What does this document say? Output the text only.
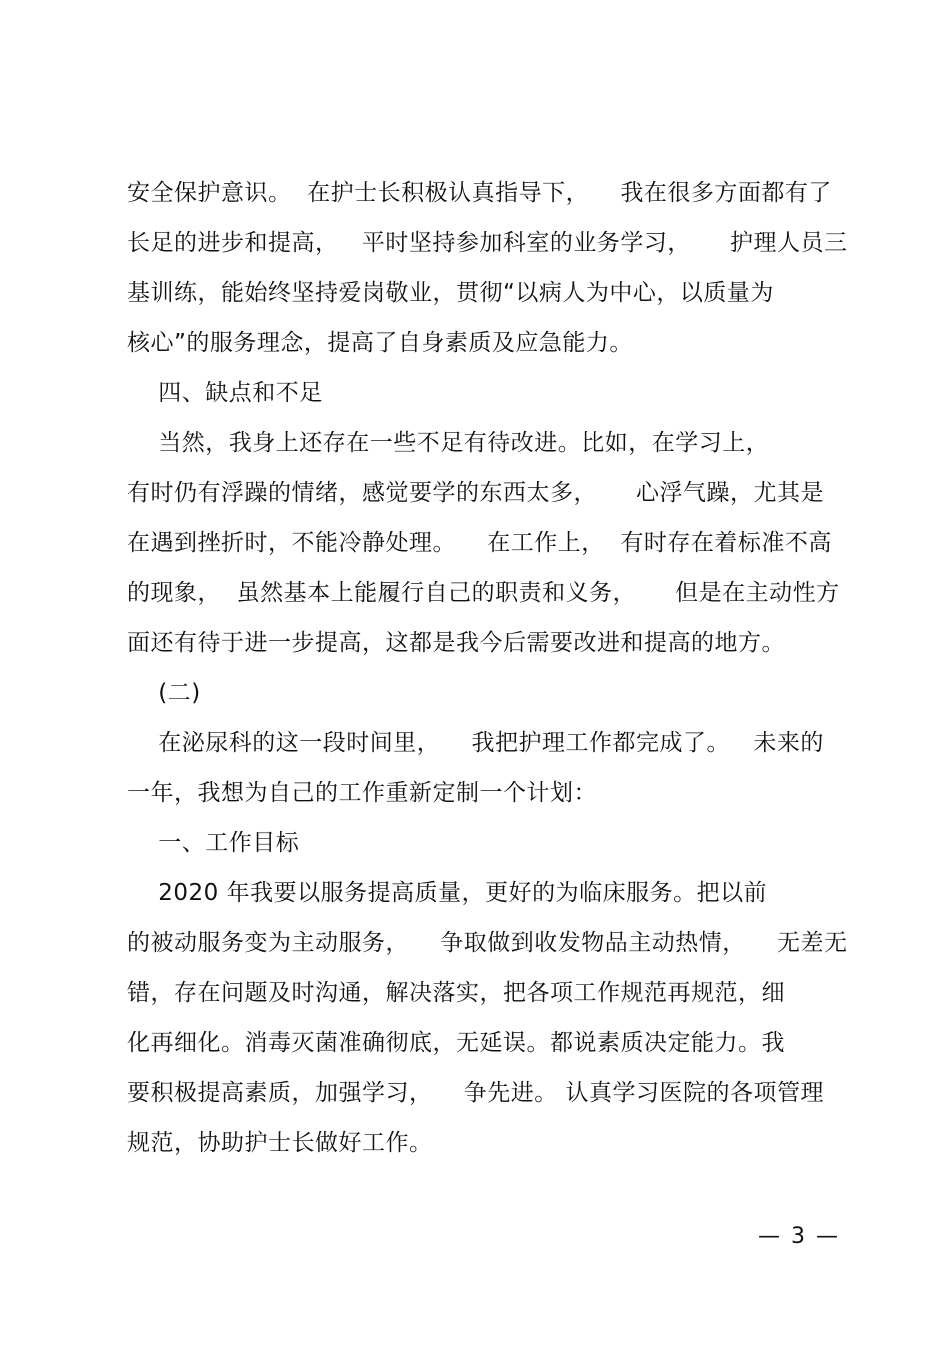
安全保护意识。  在护士长积极认真指导下，    我在很多方面都有了
长足的进步和提高，   平时坚持参加科室的业务学习，     护理人员三
基训练，能始终坚持爱岗敬业，贯彻“以病人为中心，以质量为
核心”的服务理念，提高了自身素质及应急能力。
四、缺点和不足
当然，我身上还存在一些不足有待改进。比如，在学习上，
有时仍有浮躁的情绪，感觉要学的东西太多，     心浮气躁，尤其是
在遇到挫折时，不能冷静处理。    在工作上，  有时存在着标准不高
的现象，  虽然基本上能履行自己的职责和义务，     但是在主动性方
面还有待于进一步提高，这都是我今后需要改进和提高的地方。
(二)
在泌尿科的这一段时间里，    我把护理工作都完成了。   未来的
一年，我想为自己的工作重新定制一个计划：
一、工作目标
2020 年我要以服务提高质量，更好的为临床服务。把以前
的被动服务变为主动服务，    争取做到收发物品主动热情，    无差无
错，存在问题及时沟通，解决落实，把各项工作规范再规范，细
化再细化。消毒灭菌准确彻底，无延误。都说素质决定能力。我
要积极提高素质，加强学习，    争先进。 认真学习医院的各项管理
规范，协助护士长做好工作。
— 3 —
